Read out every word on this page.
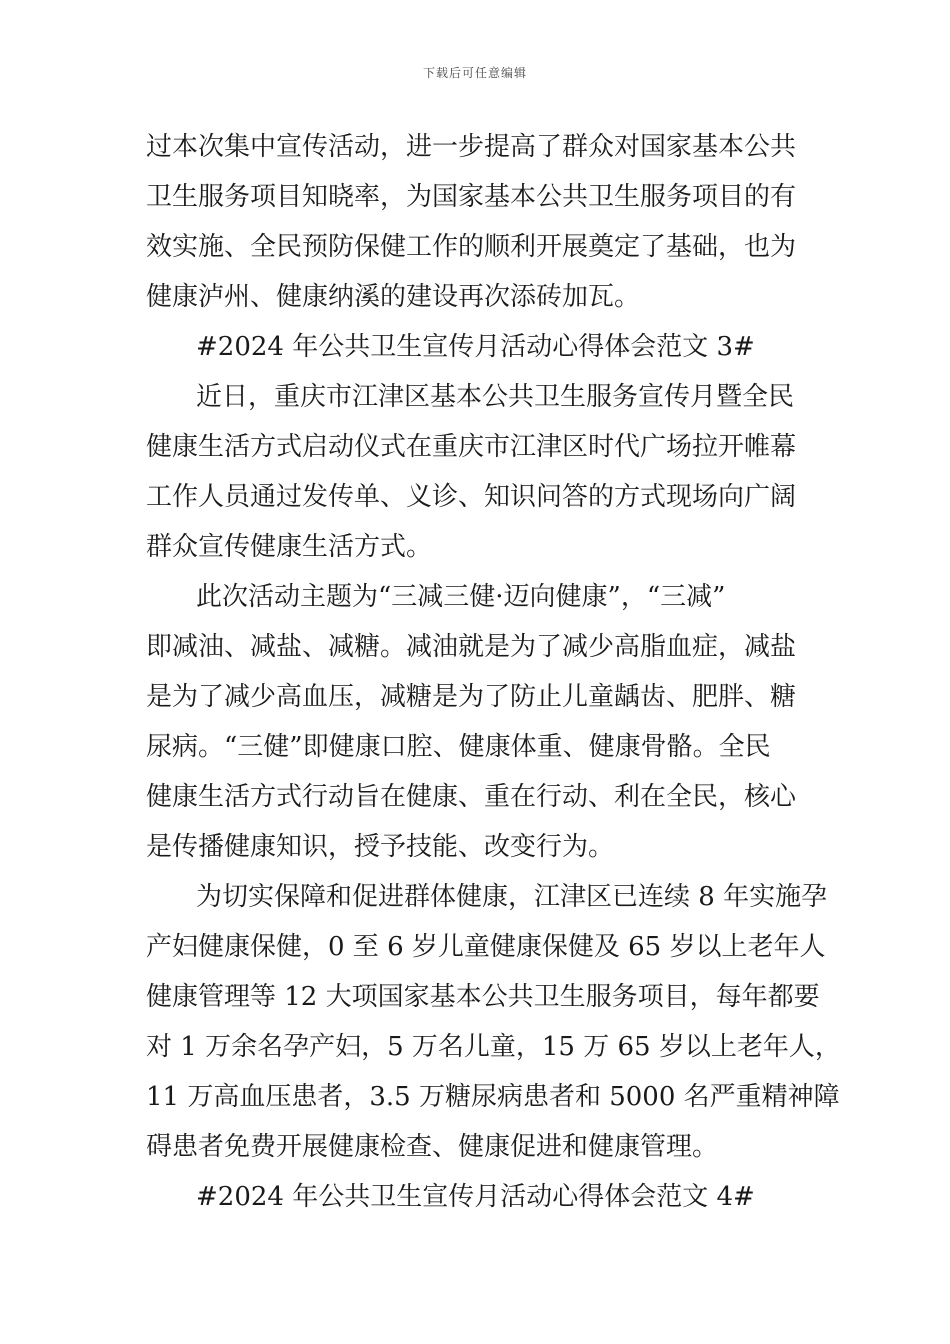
下载后可任意编辑
过本次集中宣传活动，进一步提高了群众对国家基本公共
卫生服务项目知晓率，为国家基本公共卫生服务项目的有
效实施、全民预防保健工作的顺利开展奠定了基础，也为
健康泸州、健康纳溪的建设再次添砖加瓦。
#2024 年公共卫生宣传月活动心得体会范文 3#
近日，重庆市江津区基本公共卫生服务宣传月暨全民
健康生活方式启动仪式在重庆市江津区时代广场拉开帷幕
工作人员通过发传单、义诊、知识问答的方式现场向广阔
群众宣传健康生活方式。
此次活动主题为“三减三健·迈向健康”，“三减”
即减油、减盐、减糖。减油就是为了减少高脂血症，减盐
是为了减少高血压，减糖是为了防止儿童龋齿、肥胖、糖
尿病。“三健”即健康口腔、健康体重、健康骨骼。全民
健康生活方式行动旨在健康、重在行动、利在全民，核心
是传播健康知识，授予技能、改变行为。
为切实保障和促进群体健康，江津区已连续 8 年实施孕
产妇健康保健，0 至 6 岁儿童健康保健及 65 岁以上老年人
健康管理等 12 大项国家基本公共卫生服务项目，每年都要
对 1 万余名孕产妇，5 万名儿童，15 万 65 岁以上老年人，
11 万高血压患者，3.5 万糖尿病患者和 5000 名严重精神障
碍患者免费开展健康检查、健康促进和健康管理。
#2024 年公共卫生宣传月活动心得体会范文 4#
